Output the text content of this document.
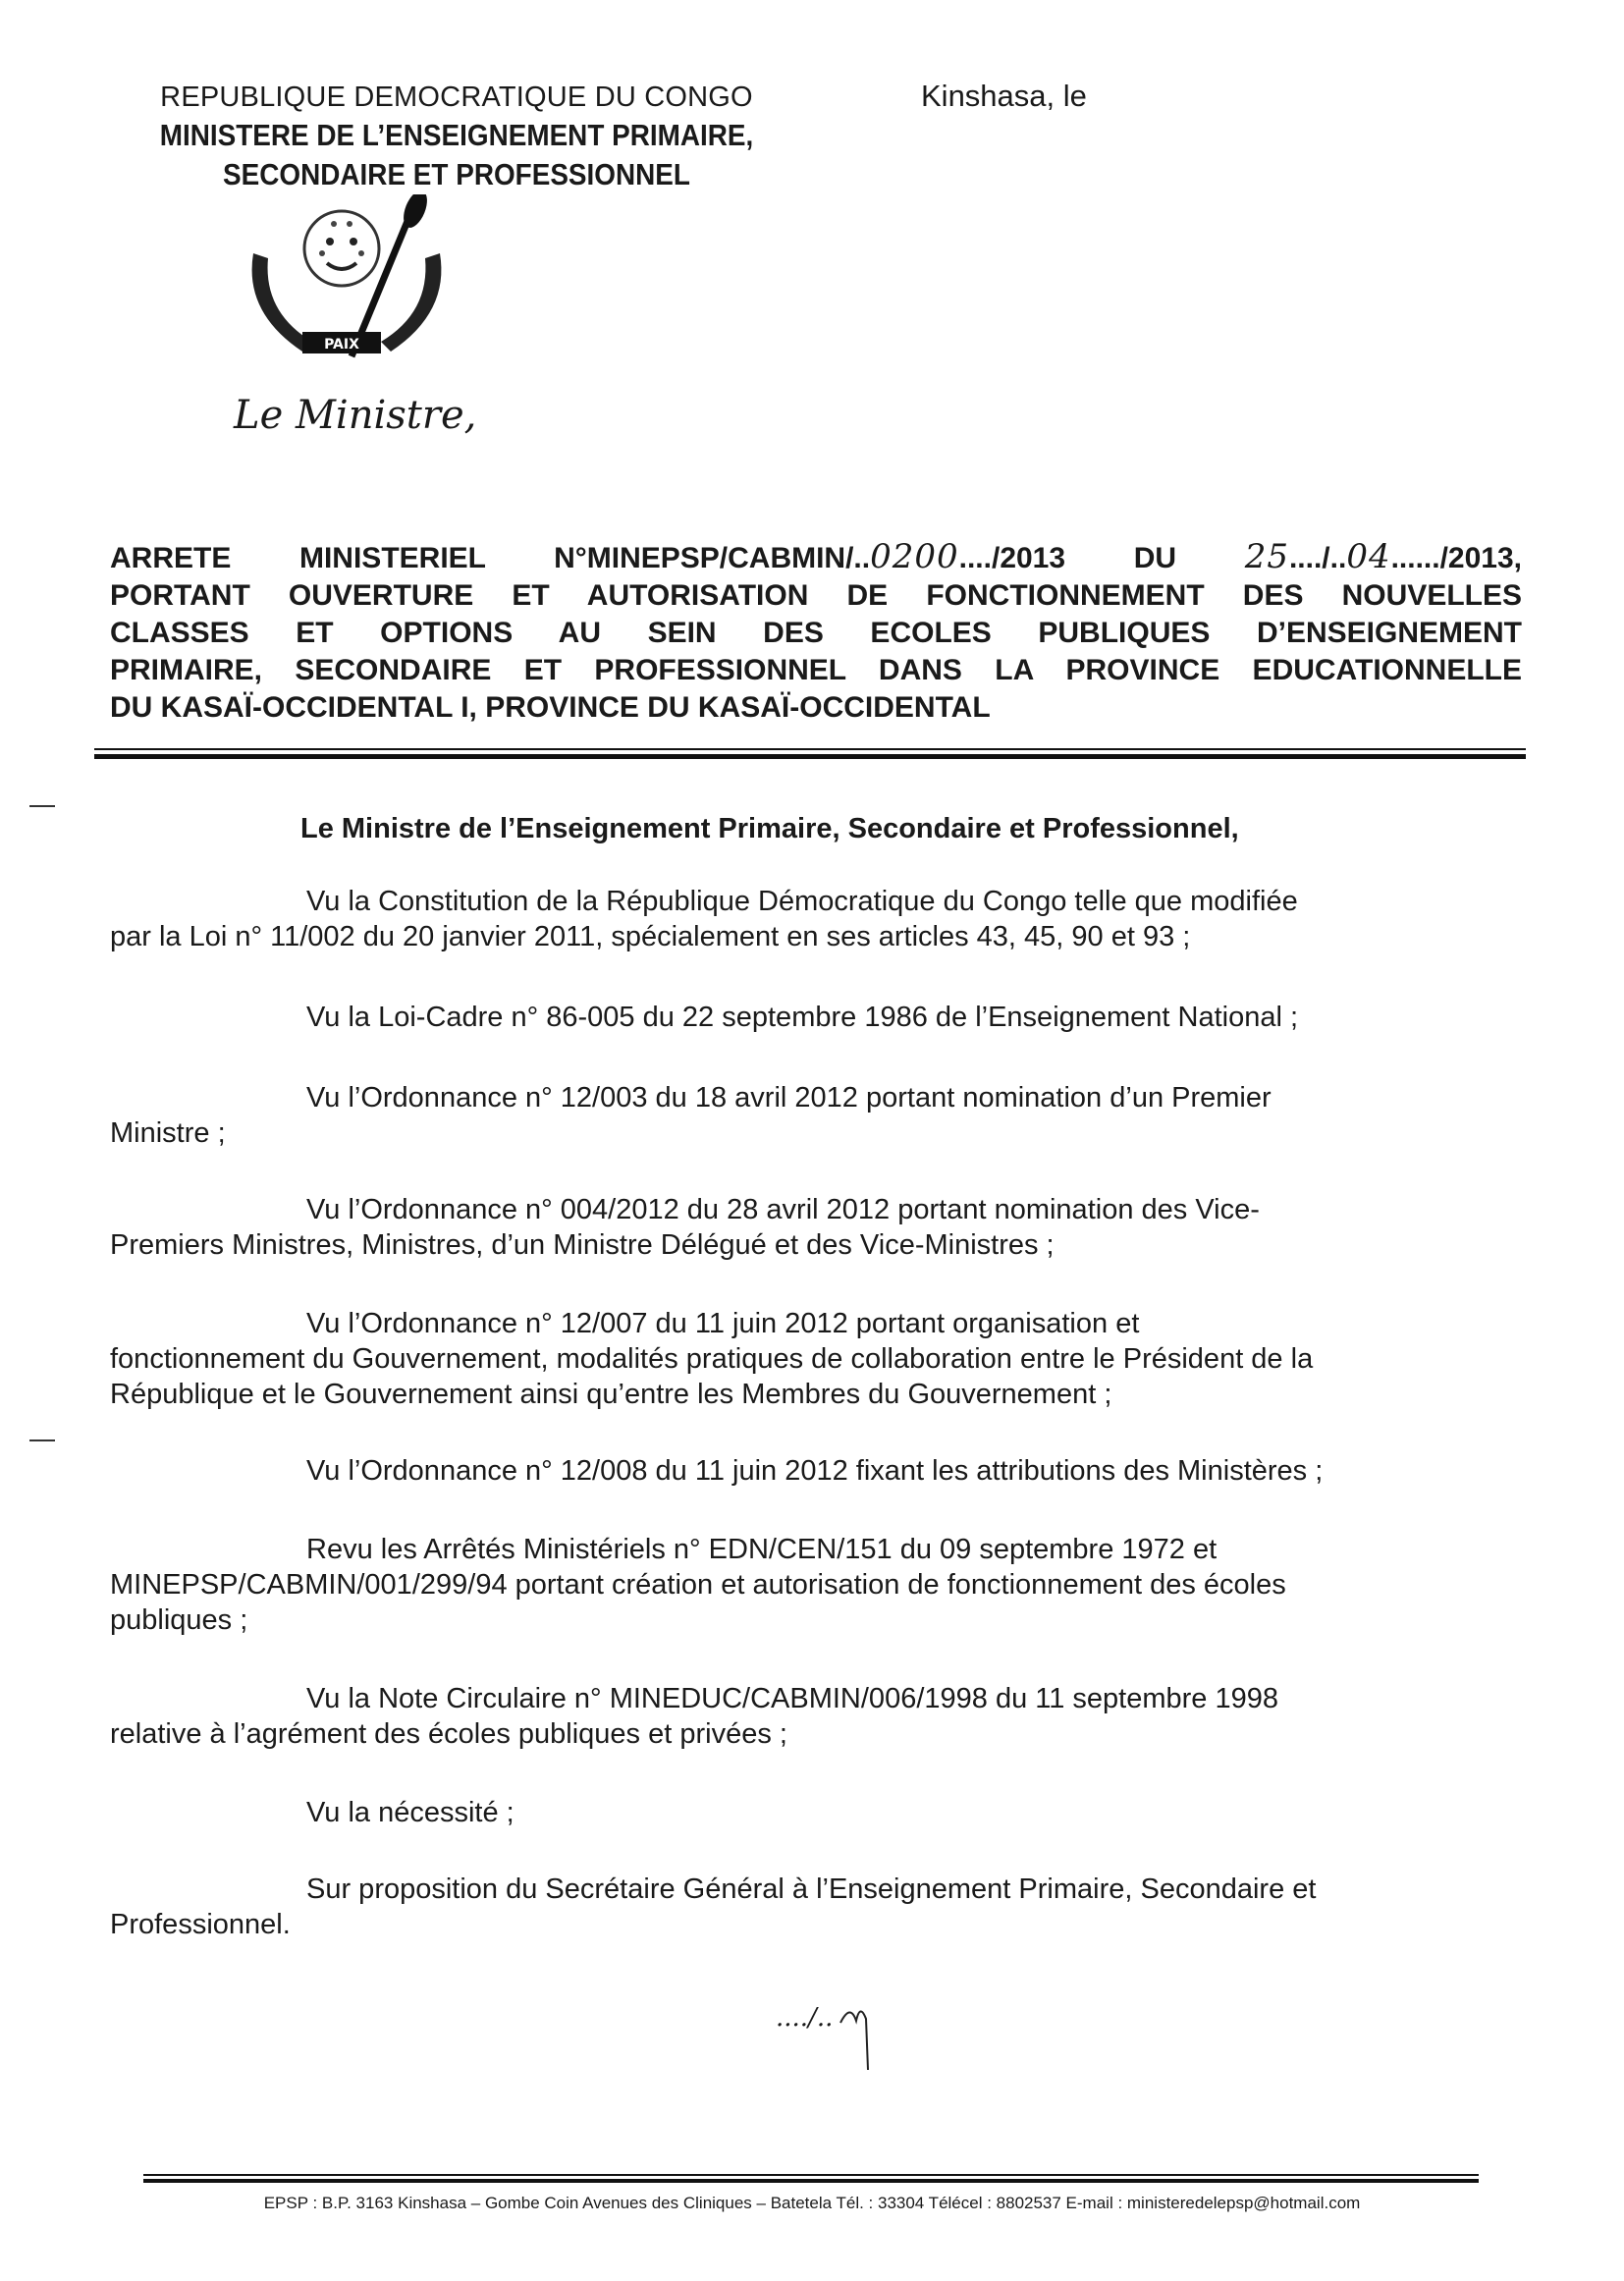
REPUBLIQUE DEMOCRATIQUE DU CONGO
MINISTERE DE L’ENSEIGNEMENT PRIMAIRE,
SECONDAIRE ET PROFESSIONNEL
Kinshasa, le
PAIX
Le Ministre,
ARRETE MINISTERIEL N°MINEPSP/CABMIN/..0200..../2013 DU 25..../..04....../2013,
PORTANT OUVERTURE ET AUTORISATION DE FONCTIONNEMENT DES NOUVELLES
CLASSES ET OPTIONS AU SEIN DES ECOLES PUBLIQUES D’ENSEIGNEMENT
PRIMAIRE, SECONDAIRE ET PROFESSIONNEL DANS LA PROVINCE EDUCATIONNELLE
DU KASAÏ-OCCIDENTAL I, PROVINCE DU KASAÏ-OCCIDENTAL
Le Ministre de l’Enseignement Primaire, Secondaire et Professionnel,
Vu la Constitution de la République Démocratique du Congo telle que modifiée
par la Loi n° 11/002 du 20 janvier 2011, spécialement en ses articles 43, 45, 90 et 93 ;
Vu la Loi-Cadre n° 86-005 du 22 septembre 1986 de l’Enseignement National ;
Vu l’Ordonnance n° 12/003 du 18 avril 2012 portant nomination d’un Premier
Ministre ;
Vu l’Ordonnance n° 004/2012 du 28 avril 2012 portant nomination des Vice-
Premiers Ministres, Ministres, d’un Ministre Délégué et des Vice-Ministres ;
Vu l’Ordonnance n° 12/007 du 11 juin 2012 portant organisation et
fonctionnement du Gouvernement, modalités pratiques de collaboration entre le Président de la
République et le Gouvernement ainsi qu’entre les Membres du Gouvernement ;
Vu l’Ordonnance n° 12/008 du 11 juin 2012 fixant les attributions des Ministères ;
Revu les Arrêtés Ministériels n° EDN/CEN/151 du 09 septembre 1972 et
MINEPSP/CABMIN/001/299/94 portant création et autorisation de fonctionnement des écoles
publiques ;
Vu la Note Circulaire n° MINEDUC/CABMIN/006/1998 du 11 septembre 1998
relative à l’agrément des écoles publiques et privées ;
Vu la nécessité ;
Sur proposition du Secrétaire Général à l’Enseignement Primaire, Secondaire et
Professionnel.
..../..
EPSP : B.P. 3163 Kinshasa – Gombe Coin Avenues des Cliniques – Batetela Tél. : 33304 Télécel : 8802537 E-mail : ministeredelepsp@hotmail.com
